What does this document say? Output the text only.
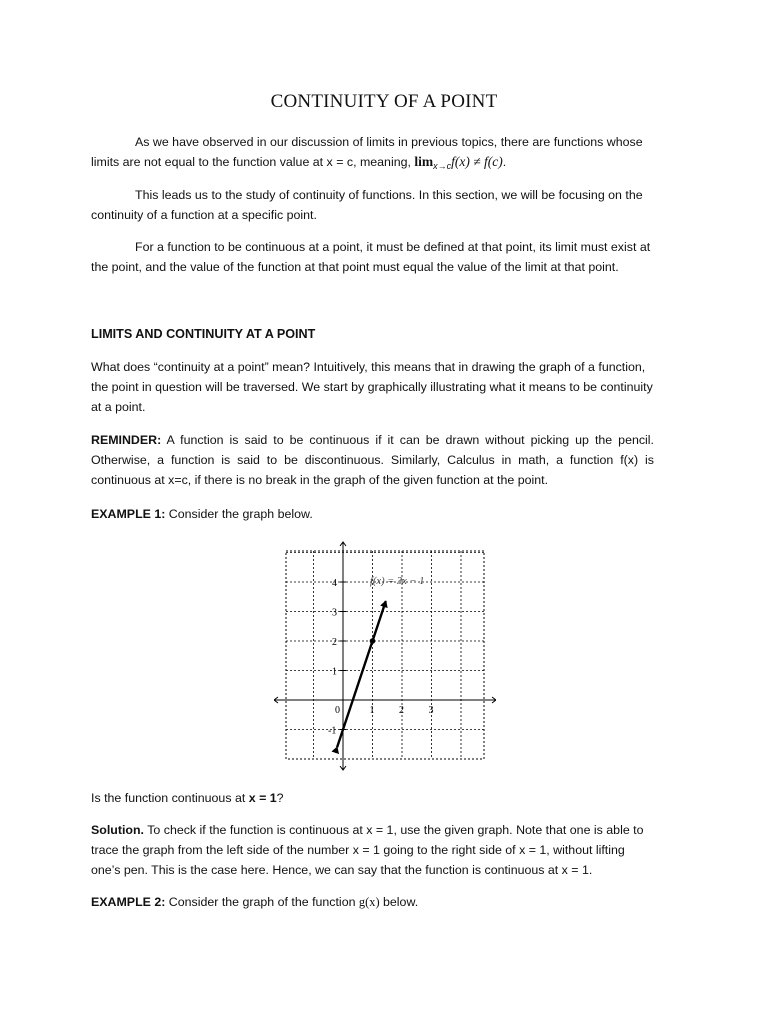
CONTINUITY OF A POINT

As we have observed in our discussion of limits in previous topics, there are functions whose limits are not equal to the function value at x = c, meaning, $\lim_{x\to c}f(x) \ne f(c)$.

This leads us to the study of continuity of functions. In this section, we will be focusing on the continuity of a function at a specific point.

For a function to be continuous at a point, it must be defined at that point, its limit must exist at the point, and the value of the function at that point must equal the value of the limit at that point.

LIMITS AND CONTINUITY AT A POINT

What does “continuity at a point” mean? Intuitively, this means that in drawing the graph of a function, the point in question will be traversed. We start by graphically illustrating what it means to be continuity at a point.

REMINDER: A function is said to be continuous if it can be drawn without picking up the pencil. Otherwise, a function is said to be discontinuous. Similarly, Calculus in math, a function f(x) is continuous at x=c, if there is no break in the graph of the given function at the point.

EXAMPLE 1: Consider the graph below.

0	1 2 3
4
3
2
1
-1
f(x) = 3x − 1

Is the function continuous at x = 1?

Solution. To check if the function is continuous at x = 1, use the given graph. Note that one is able to trace the graph from the left side of the number x = 1 going to the right side of x = 1, without lifting one’s pen. This is the case here. Hence, we can say that the function is continuous at x = 1.

EXAMPLE 2: Consider the graph of the function g(x) below.
